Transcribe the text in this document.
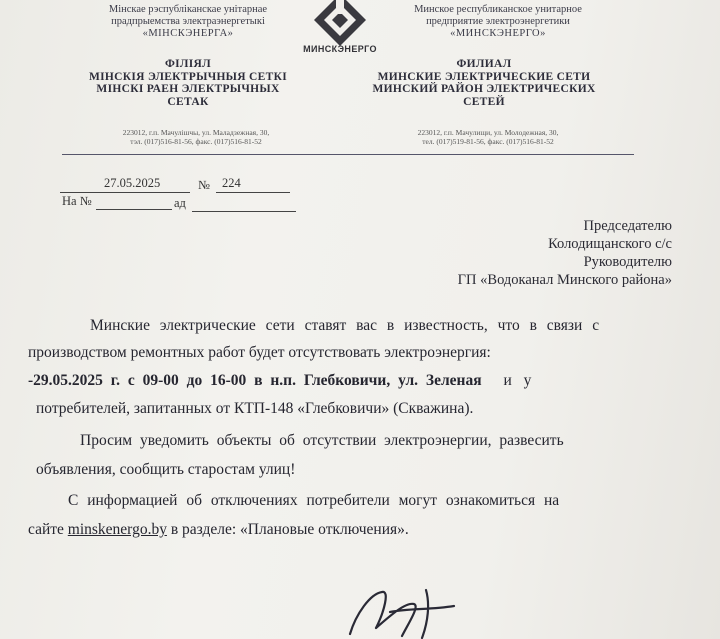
Мінскае рэспубліканскае унітарнае
прадпрыемства электраэнергетыкі
«МІНСКЭНЕРГА»
МИНСКЭНЕРГО
Минское республиканское унитарное
предприятие электроэнергетики
«МИНСКЭНЕРГО»
ФІЛІЯЛ
МІНСКІЯ ЭЛЕКТРЫЧНЫЯ СЕТКІ
МІНСКІ РАЕН ЭЛЕКТРЫЧНЫХ
СЕТАК
ФИЛИАЛ
МИНСКИЕ ЭЛЕКТРИЧЕСКИЕ СЕТИ
МИНСКИЙ РАЙОН ЭЛЕКТРИЧЕСКИХ
СЕТЕЙ
223012, г.п. Мачулішчы, ул. Маладзежная, 30,
тэл. (017)516-81-56, факс. (017)516-81-52
223012, г.п. Мачулищи, ул. Молодежная, 30,
тел. (017)519-81-56, факс. (017)516-81-52
27.05.2025	№ 224
На №	ад
Председателю
Колодищанского с/с
Руководителю
ГП «Водоканал Минского района»
Минские электрические сети ставят вас в известность, что в связи с
производством ремонтных работ будет отсутствовать электроэнергия:
-29.05.2025 г. с 09-00 до 16-00 в н.п. Глебковичи, ул. Зеленая и у
потребителей, запитанных от КТП-148 «Глебковичи» (Скважина).
Просим уведомить объекты об отсутствии электроэнергии, развесить
объявления, сообщить старостам улиц!
С информацией об отключениях потребители могут ознакомиться на
сайте minskenergo.by в разделе: «Плановые отключения».
